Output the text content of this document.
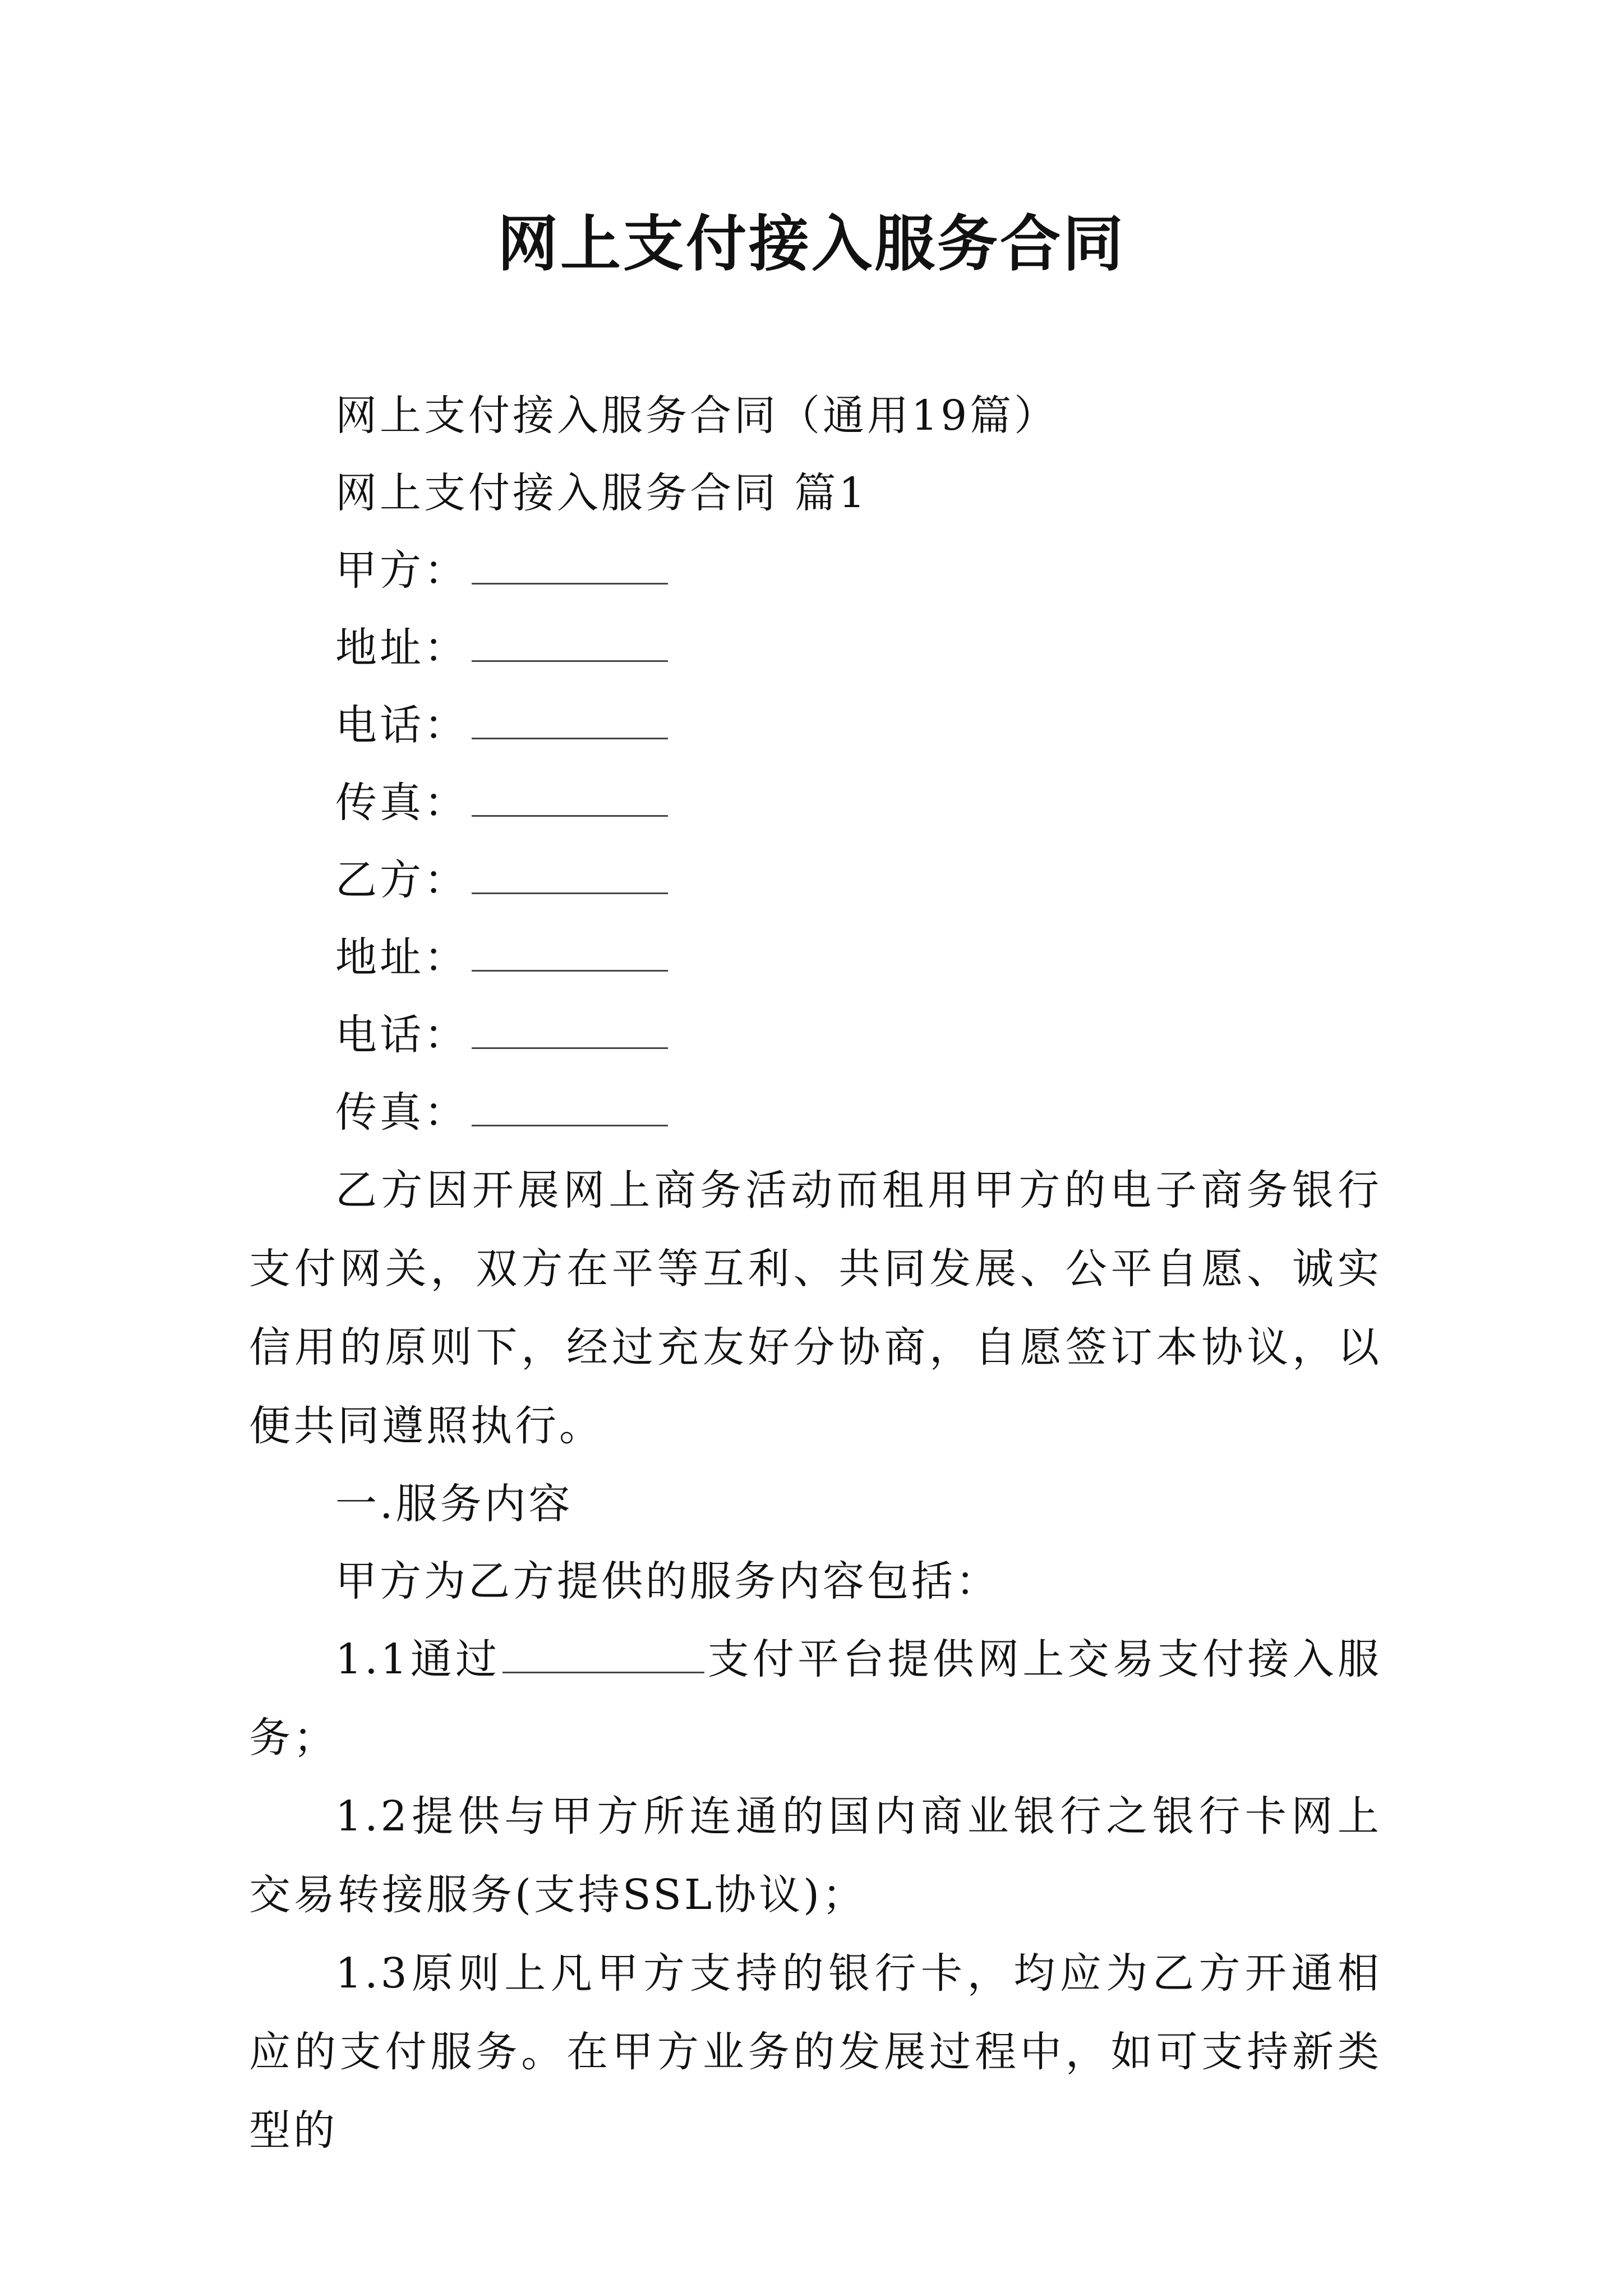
网上支付接入服务合同
网上支付接入服务合同（通用19篇）
网上支付接入服务合同 篇1
甲方：
地址：
电话：
传真：
乙方：
地址：
电话：
传真：
乙方因开展网上商务活动而租用甲方的电子商务银行支付网关，双方在平等互利、共同发展、公平自愿、诚实信用的原则下，经过充友好分协商，自愿签订本协议，以便共同遵照执行。
一.服务内容
甲方为乙方提供的服务内容包括：
1.1通过	支付平台提供网上交易支付接入服务；
1.2提供与甲方所连通的国内商业银行之银行卡网上交易转接服务(支持SSL协议)；
1.3原则上凡甲方支持的银行卡，均应为乙方开通相应的支付服务。在甲方业务的发展过程中，如可支持新类型的
